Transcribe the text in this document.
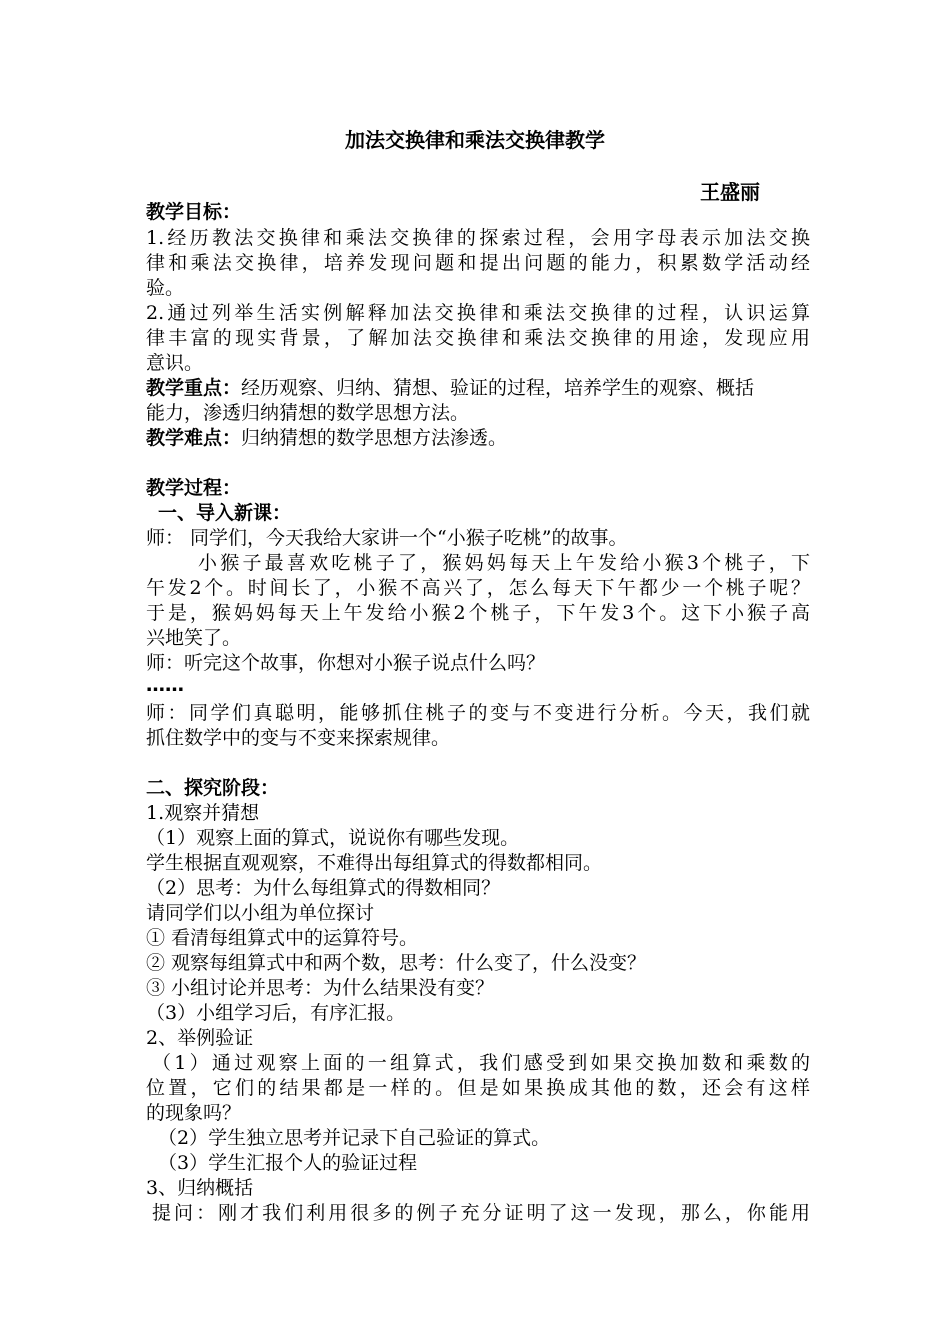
加法交换律和乘法交换律教学
王盛丽
教学目标：
1.经历教法交换律和乘法交换律的探索过程，会用字母表示加法交换
律和乘法交换律，培养发现问题和提出问题的能力，积累数学活动经
验。
2.通过列举生活实例解释加法交换律和乘法交换律的过程，认识运算
律丰富的现实背景，了解加法交换律和乘法交换律的用途，发现应用
意识。
教学重点：经历观察、归纳、猜想、验证的过程，培养学生的观察、概括
能力，渗透归纳猜想的数学思想方法。
教学难点：归纳猜想的数学思想方法渗透。
教学过程：
一、导入新课：
师： 同学们，今天我给大家讲一个“小猴子吃桃”的故事。
小猴子最喜欢吃桃子了，猴妈妈每天上午发给小猴3个桃子，下
午发2个。时间长了，小猴不高兴了，怎么每天下午都少一个桃子呢？
于是，猴妈妈每天上午发给小猴2个桃子，下午发3个。这下小猴子高
兴地笑了。
师：听完这个故事，你想对小猴子说点什么吗？
……
师：同学们真聪明，能够抓住桃子的变与不变进行分析。今天，我们就
抓住数学中的变与不变来探索规律。
二、探究阶段：
1.观察并猜想
（1）观察上面的算式，说说你有哪些发现。
学生根据直观观察，不难得出每组算式的得数都相同。
（2）思考：为什么每组算式的得数相同？
请同学们以小组为单位探讨
① 看清每组算式中的运算符号。
② 观察每组算式中和两个数，思考：什么变了，什么没变？
③ 小组讨论并思考：为什么结果没有变？
（3）小组学习后，有序汇报。
2、举例验证
（1）通过观察上面的一组算式，我们感受到如果交换加数和乘数的
位置，它们的结果都是一样的。但是如果换成其他的数，还会有这样
的现象吗？
（2）学生独立思考并记录下自己验证的算式。
（3）学生汇报个人的验证过程
3、归纳概括
提问：刚才我们利用很多的例子充分证明了这一发现，那么，你能用
